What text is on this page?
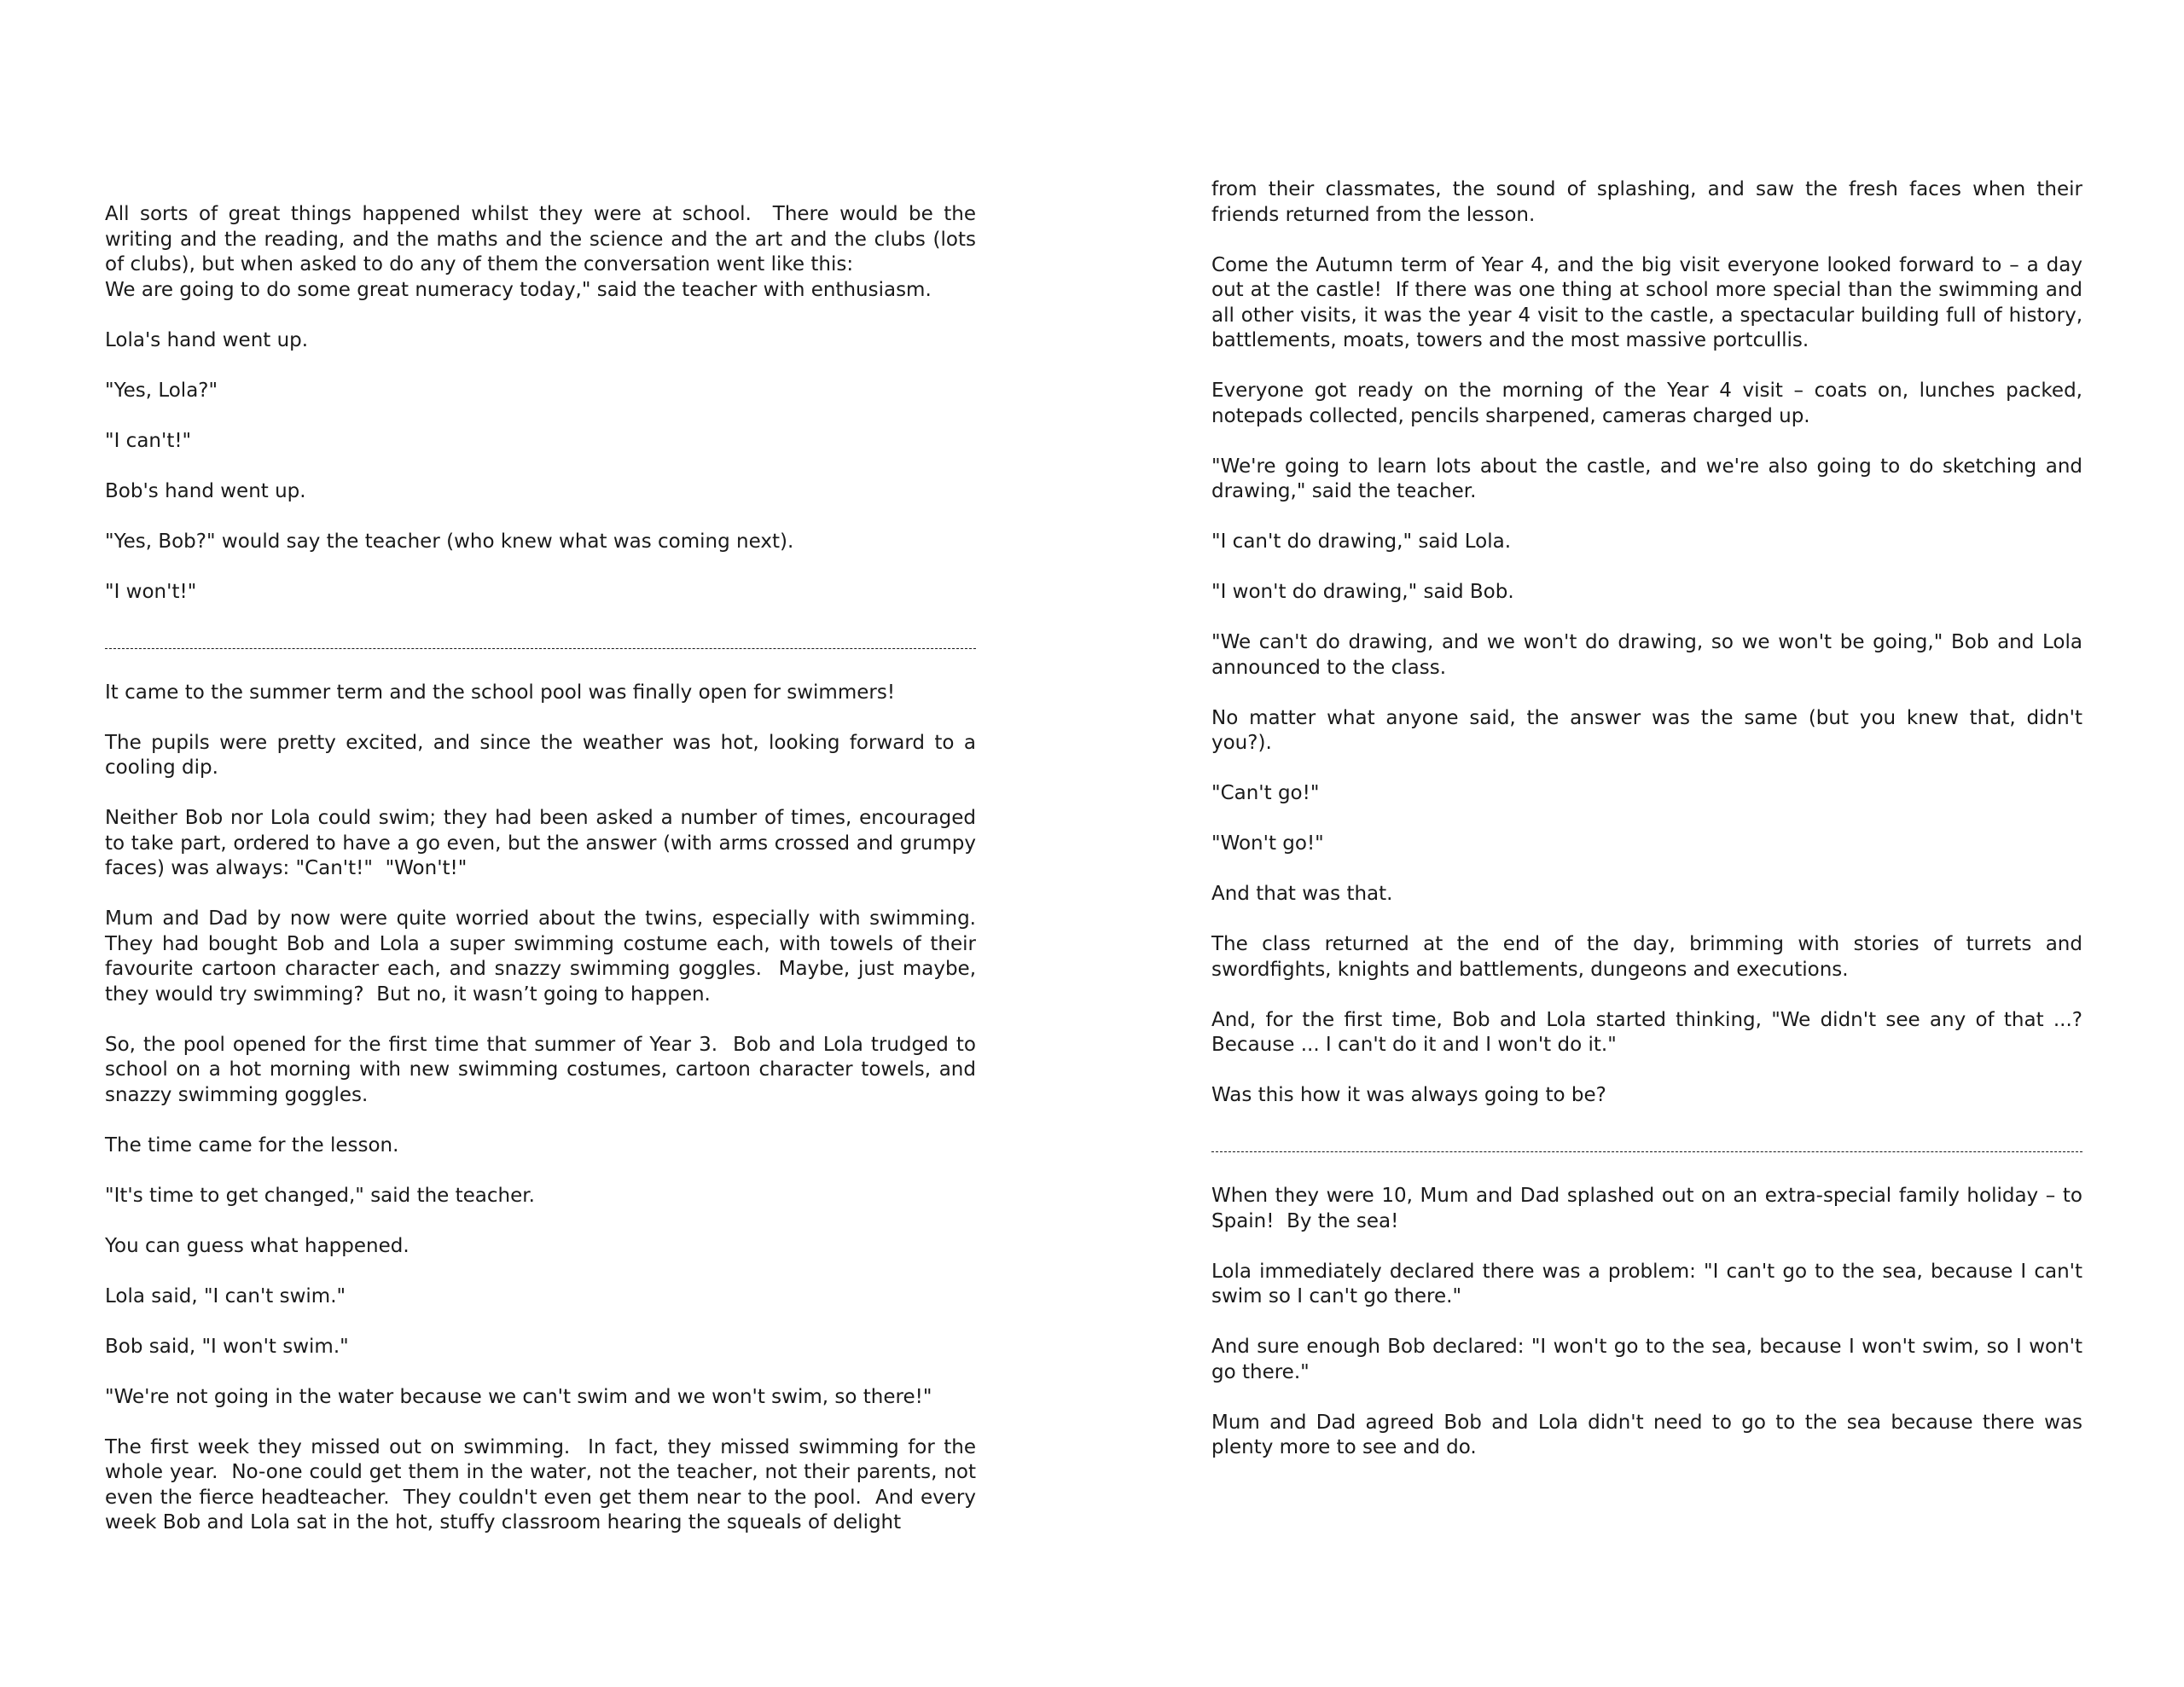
All sorts of great things happened whilst they were at school.  There would be the writing and the reading, and the maths and the science and the art and the clubs (lots of clubs), but when asked to do any of them the conversation went like this:

We are going to do some great numeracy today," said the teacher with enthusiasm.

Lola's hand went up.

"Yes, Lola?"

"I can't!"

Bob's hand went up.

"Yes, Bob?" would say the teacher (who knew what was coming next).

"I won't!"

It came to the summer term and the school pool was finally open for swimmers!

The pupils were pretty excited, and since the weather was hot, looking forward to a cooling dip.

Neither Bob nor Lola could swim; they had been asked a number of times, encouraged to take part, ordered to have a go even, but the answer (with arms crossed and grumpy faces) was always: "Can't!"  "Won't!"

Mum and Dad by now were quite worried about the twins, especially with swimming.  They had bought Bob and Lola a super swimming costume each, with towels of their favourite cartoon character each, and snazzy swimming goggles.  Maybe, just maybe, they would try swimming?  But no, it wasn’t going to happen.

So, the pool opened for the first time that summer of Year 3.  Bob and Lola trudged to school on a hot morning with new swimming costumes, cartoon character towels, and snazzy swimming goggles.

The time came for the lesson.

"It's time to get changed," said the teacher.

You can guess what happened.

Lola said, "I can't swim."

Bob said, "I won't swim."

"We're not going in the water because we can't swim and we won't swim, so there!"

The first week they missed out on swimming.  In fact, they missed swimming for the whole year.  No-one could get them in the water, not the teacher, not their parents, not even the fierce headteacher.  They couldn't even get them near to the pool.  And every week Bob and Lola sat in the hot, stuffy classroom hearing the squeals of delight

from their classmates, the sound of splashing, and saw the fresh faces when their friends returned from the lesson.

Come the Autumn term of Year 4, and the big visit everyone looked forward to – a day out at the castle!  If there was one thing at school more special than the swimming and all other visits, it was the year 4 visit to the castle, a spectacular building full of history, battlements, moats, towers and the most massive portcullis.

Everyone got ready on the morning of the Year 4 visit – coats on, lunches packed, notepads collected, pencils sharpened, cameras charged up.

"We're going to learn lots about the castle, and we're also going to do sketching and drawing," said the teacher.

"I can't do drawing," said Lola.

"I won't do drawing," said Bob.

"We can't do drawing, and we won't do drawing, so we won't be going," Bob and Lola announced to the class.

No matter what anyone said, the answer was the same (but you knew that, didn't you?).

"Can't go!"

"Won't go!"

And that was that.

The class returned at the end of the day, brimming with stories of turrets and swordfights, knights and battlements, dungeons and executions.

And, for the first time, Bob and Lola started thinking, "We didn't see any of that ...?  Because ... I can't do it and I won't do it."

Was this how it was always going to be?

When they were 10, Mum and Dad splashed out on an extra-special family holiday – to Spain!  By the sea!

Lola immediately declared there was a problem: "I can't go to the sea, because I can't swim so I can't go there."

And sure enough Bob declared: "I won't go to the sea, because I won't swim, so I won't go there."

Mum and Dad agreed Bob and Lola didn't need to go to the sea because there was plenty more to see and do.
